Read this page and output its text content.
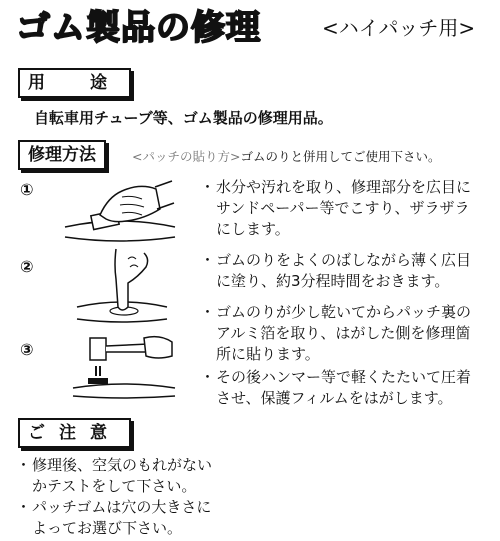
ゴム製品の修理	<ハイパッチ用>
用　途
自転車用チューブ等、ゴム製品の修理用品。
修理方法	<パッチの貼り方>ゴムのりと併用してご使用下さい。
①
②
③
・ 水分や汚れを取り、修理部分を広目にサンドペーパー等でこすり、ザラザラにします。
・ ゴムのりをよくのばしながら薄く広目に塗り、約3分程時間をおきます。
・ ゴムのりが少し乾いてからパッチ裏のアルミ箔を取り、はがした側を修理箇所に貼ります。
・ その後ハンマー等で軽くたたいて圧着させ、保護フィルムをはがします。
ご注意
・ 修理後、空気のもれがないかテストをして下さい。
・ パッチゴムは穴の大きさによってお選び下さい。
